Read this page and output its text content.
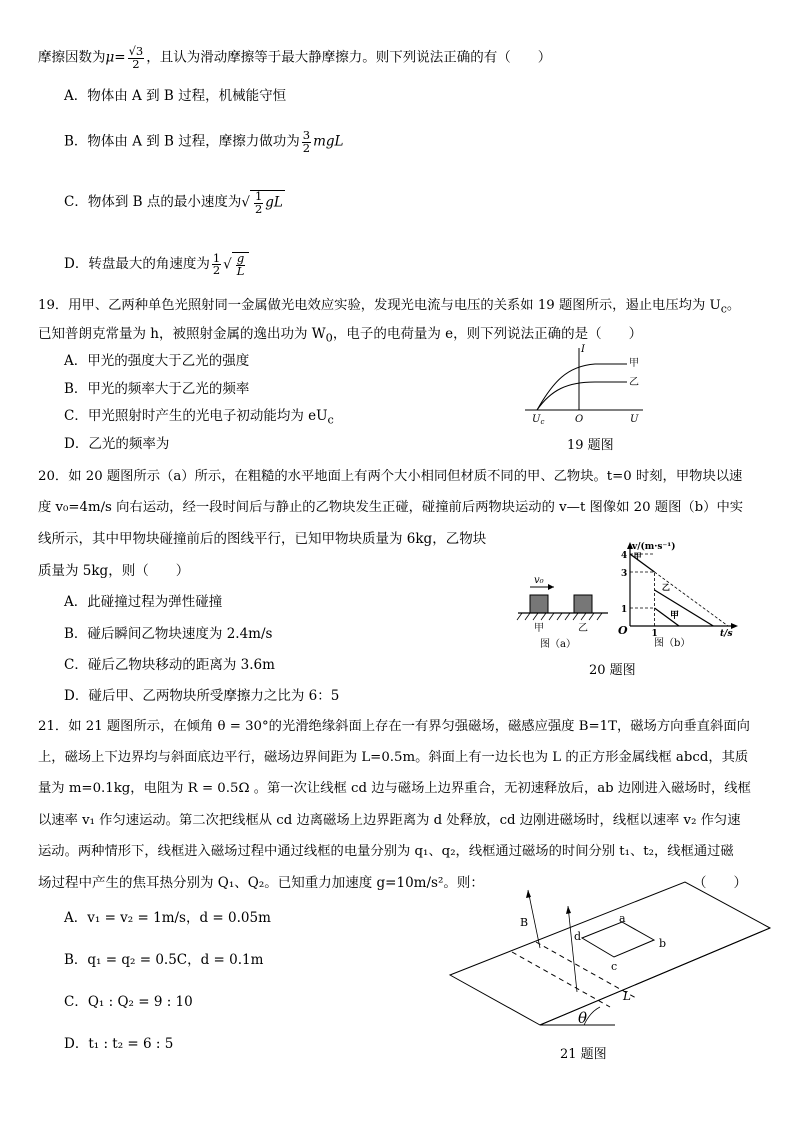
摩擦因数为$\mu= \frac{√3}{2}$ ，且认为滑动摩擦等于最大静摩擦力。则下列说法正确的有（　　）
A．物体由 A 到 B 过程，机械能守恒
B．物体由 A 到 B 过程，摩擦力做功为 $\frac{3}{2}$ mgL
C．物体到 B 点的最小速度为√ $\frac{1}{2}$ gL
D．转盘最大的角速度为 $\frac{1}{2}$ √ $\frac{g}{L}$
19．用甲、乙两种单色光照射同一金属做光电效应实验，发现光电流与电压的关系如 19 题图所示，遏止电压均为 $U_c$。
已知普朗克常量为 h，被照射金属的逸出功为 $W_0$，电子的电荷量为 e，则下列说法正确的是（　　）
A．甲光的强度大于乙光的强度
B．甲光的频率大于乙光的频率
C．甲光照射时产生的光电子初动能均为 $eU_c$
D．乙光的频率为
I
甲
乙
$U_c$	O	U
19 题图
20．如 20 题图所示（a）所示，在粗糙的水平地面上有两个大小相同但材质不同的甲、乙物块。t=0 时刻，甲物块以速
度 v₀=4m/s 向右运动，经一段时间后与静止的乙物块发生正碰，碰撞前后两物块运动的 v—t 图像如 20 题图（b）中实
线所示，其中甲物块碰撞前后的图线平行，已知甲物块质量为 6kg，乙物块
质量为 5kg，则（　　）
A．此碰撞过程为弹性碰撞
B．碰后瞬间乙物块速度为 2.4m/s
C．碰后乙物块移动的距离为 3.6m
D．碰后甲、乙两物块所受摩擦力之比为 6：5
v₀
甲	乙
图（a）
v/(m·s⁻¹)
t/s
O
甲
图（b）
1
3
4
1
甲
乙
20 题图
21．如 21 题图所示，在倾角 θ = 30°的光滑绝缘斜面上存在一有界匀强磁场，磁感应强度 B=1T，磁场方向垂直斜面向
上，磁场上下边界均与斜面底边平行，磁场边界间距为 L=0.5m。斜面上有一边长也为 L 的正方形金属线框 abcd，其质
量为 m=0.1kg，电阻为 R = 0.5Ω 。第一次让线框 cd 边与磁场上边界重合，无初速释放后，ab 边刚进入磁场时，线框
以速率 v₁ 作匀速运动。第二次把线框从 cd 边离磁场上边界距离为 d 处释放，cd 边刚进磁场时，线框以速率 v₂ 作匀速
运动。两种情形下，线框进入磁场过程中通过线框的电量分别为 q₁、q₂，线框通过磁场的时间分别 t₁、t₂，线框通过磁
场过程中产生的焦耳热分别为 Q₁、Q₂。已知重力加速度 g=10m/s²。则：	（　　）
A．v₁ = v₂ = 1m/s，d = 0.05m
B．q₁ = q₂ = 0.5C，d = 0.1m
C．Q₁ : Q₂ = 9 : 10
D．t₁ : t₂ = 6 : 5
B	a
b
c
d
L
θ
21 题图
